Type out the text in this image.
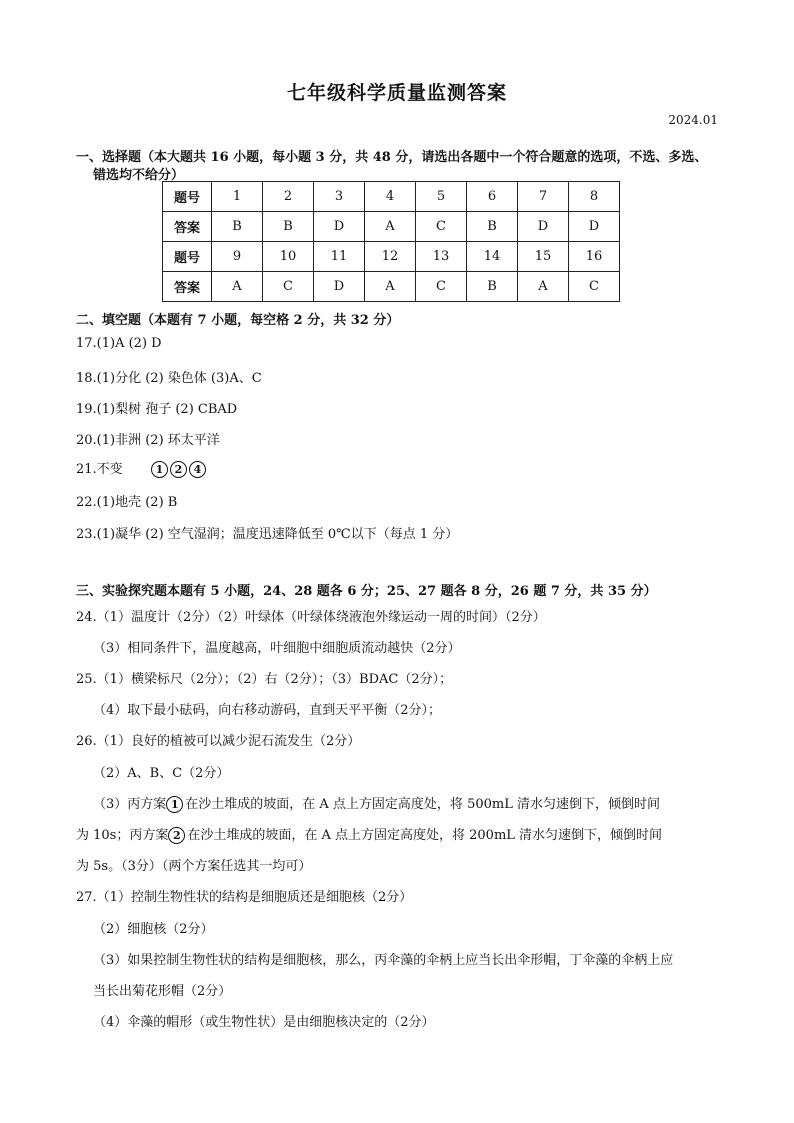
七年级科学质量监测答案
2024.01
一、选择题（本大题共 16 小题，每小题 3 分，共 48 分，请选出各题中一个符合题意的选项，不选、多选、
错选均不给分）
题号	1	2	3	4	5	6	7	8
答案	B	B	D	A	C	B	D	D
题号	9	10	11	12	13	14	15	16
答案	A	C	D	A	C	B	A	C
二、填空题（本题有 7 小题，每空格 2 分，共 32 分）
17.(1)A (2) D
18.(1)分化 (2) 染色体 (3)A、C
19.(1)梨树 孢子 (2) CBAD
20.(1)非洲 (2) 环太平洋
21.不变	1 2 4
22.(1)地壳 (2) B
23.(1)凝华 (2) 空气湿润；温度迅速降低至 0℃以下（每点 1 分）
三、实验探究题本题有 5 小题，24、28 题各 6 分；25、27 题各 8 分，26 题 7 分，共 35 分）
24.（1）温度计（2分）（2）叶绿体（叶绿体绕液泡外缘运动一周的时间）（2分）
（3）相同条件下，温度越高，叶细胞中细胞质流动越快（2分）
25.（1）横梁标尺（2分）；（2）右（2分）；（3）BDAC（2分）；
（4）取下最小砝码，向右移动游码，直到天平平衡（2分）；
26.（1）良好的植被可以减少泥石流发生（2分）
（2）A、B、C（2分）
（3）丙方案 1 在沙土堆成的坡面，在 A 点上方固定高度处，将 500mL 清水匀速倒下，倾倒时间
为 10s；丙方案 2 在沙土堆成的坡面，在 A 点上方固定高度处，将 200mL 清水匀速倒下，倾倒时间
为 5s。（3分）（两个方案任选其一均可）
27.（1）控制生物性状的结构是细胞质还是细胞核（2分）
（2）细胞核（2分）
（3）如果控制生物性状的结构是细胞核，那么，丙伞藻的伞柄上应当长出伞形帽，丁伞藻的伞柄上应
当长出菊花形帽（2分）
（4）伞藻的帽形（或生物性状）是由细胞核决定的（2分）
